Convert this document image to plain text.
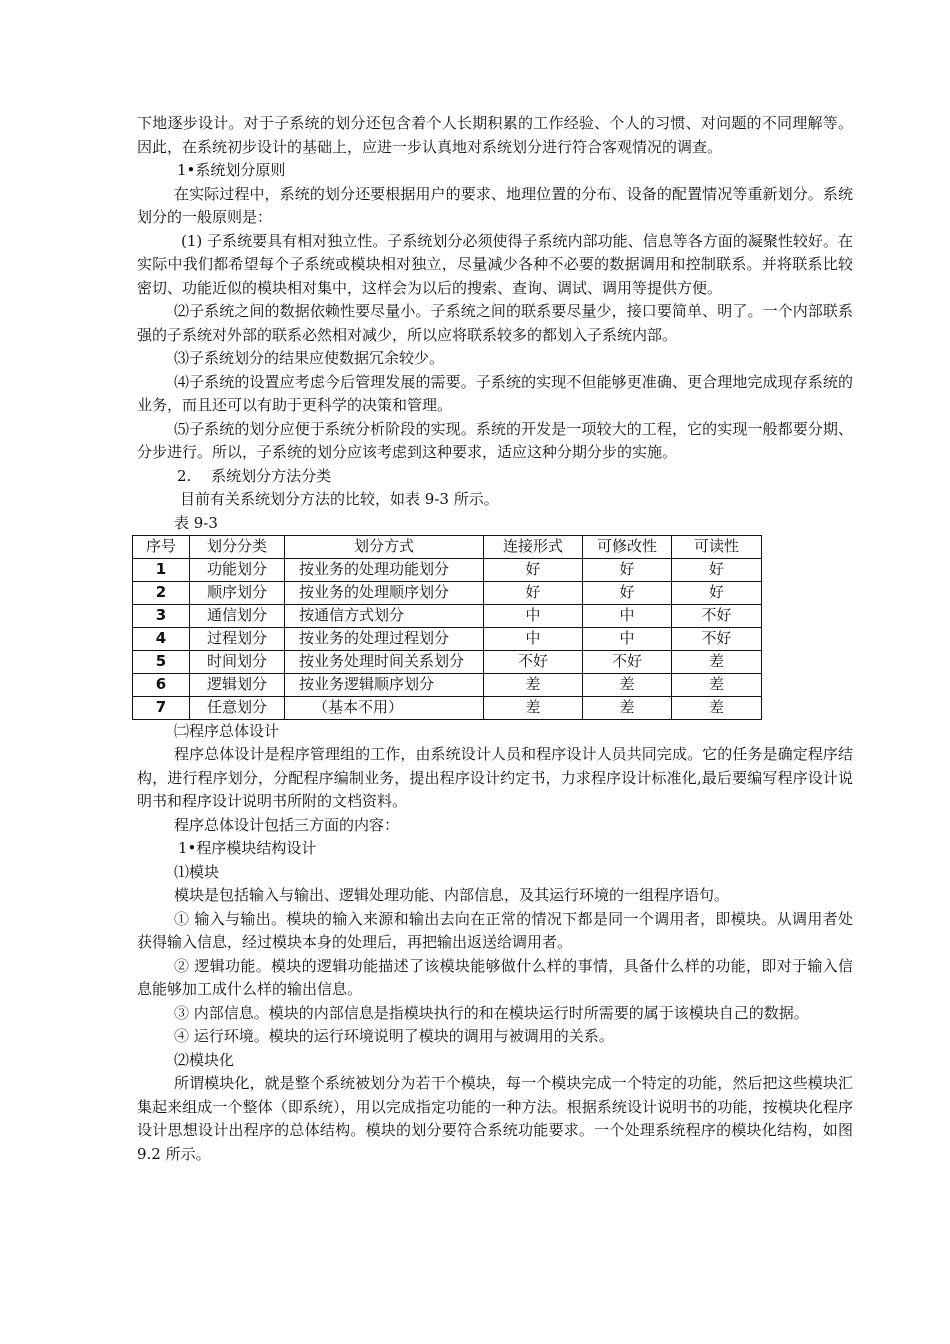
下地逐步设计。对于子系统的划分还包含着个人长期积累的工作经验、个人的习惯、对问题的不同理解等。因此，在系统初步设计的基础上，应进一步认真地对系统划分进行符合客观情况的调查。

1•系统划分原则

在实际过程中，系统的划分还要根据用户的要求、地理位置的分布、设备的配置情况等重新划分。系统划分的一般原则是：

(1) 子系统要具有相对独立性。子系统划分必须使得子系统内部功能、信息等各方面的凝聚性较好。在实际中我们都希望每个子系统或模块相对独立，尽量减少各种不必要的数据调用和控制联系。并将联系比较密切、功能近似的模块相对集中，这样会为以后的搜索、查询、调试、调用等提供方便。

⑵子系统之间的数据依赖性要尽量小。子系统之间的联系要尽量少，接口要简单、明了。一个内部联系强的子系统对外部的联系必然相对减少，所以应将联系较多的都划入子系统内部。

⑶子系统划分的结果应使数据冗余较少。

⑷子系统的设置应考虑今后管理发展的需要。子系统的实现不但能够更准确、更合理地完成现存系统的业务，而且还可以有助于更科学的决策和管理。

⑸子系统的划分应便于系统分析阶段的实现。系统的开发是一项较大的工程，它的实现一般都要分期、分步进行。所以，子系统的划分应该考虑到这种要求，适应这种分期分步的实施。

2.　 系统划分方法分类

目前有关系统划分方法的比较，如表 9-3 所示。

表 9-3

序号	划分分类	划分方式	连接形式	可修改性	可读性
1	功能划分	按业务的处理功能划分	好	好	好
2	顺序划分	按业务的处理顺序划分	好	好	好
3	通信划分	按通信方式划分	中	中	不好
4	过程划分	按业务的处理过程划分	中	中	不好
5	时间划分	按业务处理时间关系划分	不好	不好	差
6	逻辑划分	按业务逻辑顺序划分	差	差	差
7	任意划分	（基本不用）	差	差	差

㈡程序总体设计

程序总体设计是程序管理组的工作，由系统设计人员和程序设计人员共同完成。它的任务是确定程序结构，进行程序划分，分配程序编制业务，提出程序设计约定书，力求程序设计标准化,最后要编写程序设计说明书和程序设计说明书所附的文档资料。

程序总体设计包括三方面的内容：

1•程序模块结构设计

⑴模块

模块是包括输入与输出、逻辑处理功能、内部信息，及其运行环境的一组程序语句。

① 输入与输出。模块的输入来源和输出去向在正常的情况下都是同一个调用者，即模块。从调用者处获得输入信息，经过模块本身的处理后，再把输出返送给调用者。

② 逻辑功能。模块的逻辑功能描述了该模块能够做什么样的事情，具备什么样的功能，即对于输入信息能够加工成什么样的输出信息。

③ 内部信息。模块的内部信息是指模块执行的和在模块运行时所需要的属于该模块自己的数据。

④ 运行环境。模块的运行环境说明了模块的调用与被调用的关系。

⑵模块化

所谓模块化，就是整个系统被划分为若干个模块，每一个模块完成一个特定的功能，然后把这些模块汇集起来组成一个整体（即系统），用以完成指定功能的一种方法。根据系统设计说明书的功能，按模块化程序设计思想设计出程序的总体结构。模块的划分要符合系统功能要求。一个处理系统程序的模块化结构，如图 9.2 所示。
